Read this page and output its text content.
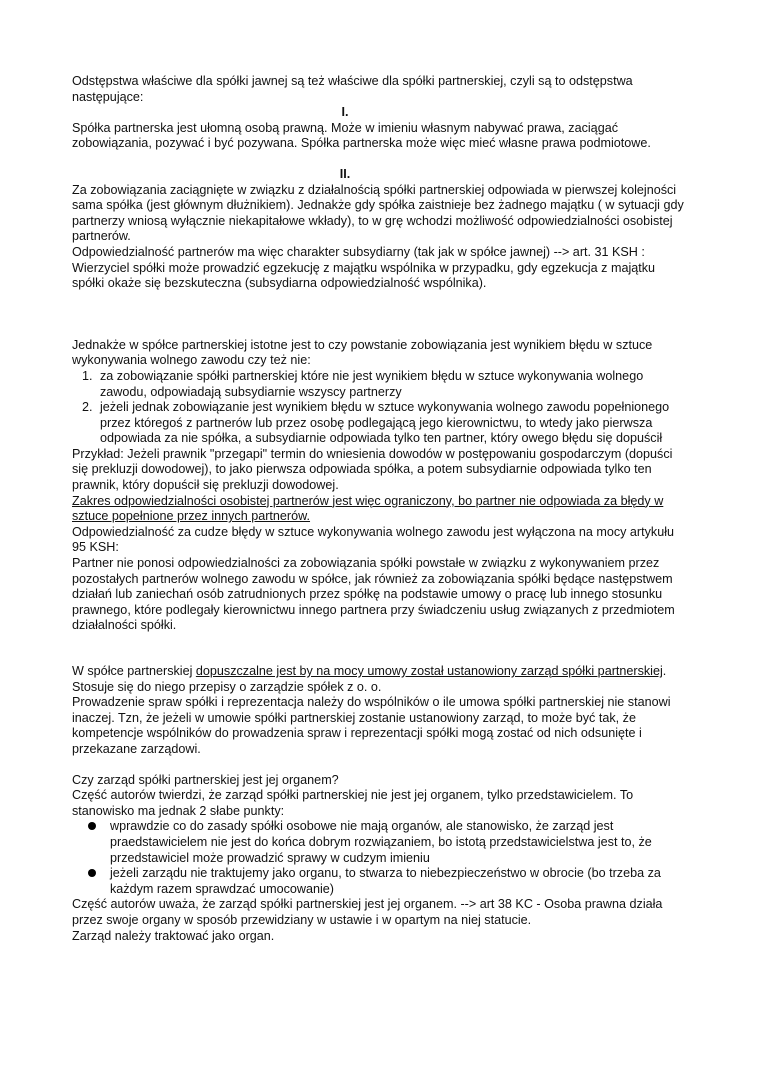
Odstępstwa właściwe dla spółki jawnej są też właściwe dla spółki partnerskiej, czyli są to odstępstwa następujące:

I.

Spółka partnerska jest ułomną osobą prawną. Może w imieniu własnym nabywać prawa, zaciągać zobowiązania, pozywać i być pozywana. Spółka partnerska może więc mieć własne prawa podmiotowe.

II.

Za zobowiązania zaciągnięte w związku z działalnością spółki partnerskiej odpowiada w pierwszej kolejności sama spółka (jest głównym dłużnikiem). Jednakże gdy spółka zaistnieje bez żadnego majątku ( w sytuacji gdy partnerzy wniosą wyłącznie niekapitałowe wkłady), to w grę wchodzi możliwość odpowiedzialności osobistej partnerów.

Odpowiedzialność partnerów ma więc charakter subsydiarny (tak jak w spółce jawnej) --> art. 31 KSH : Wierzyciel spółki może prowadzić egzekucję z majątku wspólnika w przypadku, gdy egzekucja z majątku spółki okaże się bezskuteczna (subsydiarna odpowiedzialność wspólnika).

Jednakże w spółce partnerskiej istotne jest to czy powstanie zobowiązania jest wynikiem błędu w sztuce wykonywania wolnego zawodu czy też nie:

1. za zobowiązanie spółki partnerskiej które nie jest wynikiem błędu w sztuce wykonywania wolnego zawodu, odpowiadają subsydiarnie wszyscy partnerzy
2. jeżeli jednak zobowiązanie jest wynikiem błędu w sztuce wykonywania wolnego zawodu popełnionego przez któregoś z partnerów lub przez osobę podlegającą jego kierownictwu, to wtedy jako pierwsza odpowiada za nie spółka, a subsydiarnie odpowiada tylko ten partner, który owego błędu się dopuścił

Przykład: Jeżeli prawnik "przegapi" termin do wniesienia dowodów w postępowaniu gospodarczym (dopuści się prekluzji dowodowej), to jako pierwsza odpowiada spółka, a potem subsydiarnie odpowiada tylko ten prawnik, który dopuścił się prekluzji dowodowej.

Zakres odpowiedzialności osobistej partnerów jest więc ograniczony, bo partner nie odpowiada za błędy w sztuce popełnione przez innych partnerów.

Odpowiedzialność za cudze błędy w sztuce wykonywania wolnego zawodu jest wyłączona na mocy artykułu 95 KSH:

Partner nie ponosi odpowiedzialności za zobowiązania spółki powstałe w związku z wykonywaniem przez pozostałych partnerów wolnego zawodu w spółce, jak również za zobowiązania spółki będące następstwem działań lub zaniechań osób zatrudnionych przez spółkę na podstawie umowy o pracę lub innego stosunku prawnego, które podlegały kierownictwu innego partnera przy świadczeniu usług związanych z przedmiotem działalności spółki.

W spółce partnerskiej dopuszczalne jest by na mocy umowy został ustanowiony zarząd spółki partnerskiej.

Stosuje się do niego przepisy o zarządzie spółek z o. o.

Prowadzenie spraw spółki i reprezentacja należy do wspólników o ile umowa spółki partnerskiej nie stanowi inaczej. Tzn, że jeżeli w umowie spółki partnerskiej zostanie ustanowiony zarząd, to może być tak, że kompetencje wspólników do prowadzenia spraw i reprezentacji spółki mogą zostać od nich odsunięte i przekazane zarządowi.

Czy zarząd spółki partnerskiej jest jej organem?

Część autorów twierdzi, że zarząd spółki partnerskiej nie jest jej organem, tylko przedstawicielem. To stanowisko ma jednak 2 słabe punkty:

wprawdzie co do zasady spółki osobowe nie mają organów, ale stanowisko, że zarząd jest praedstawicielem nie jest do końca dobrym rozwiązaniem, bo istotą przedstawicielstwa jest to, że przedstawiciel może prowadzić sprawy w cudzym imieniu
jeżeli zarządu nie traktujemy jako organu, to stwarza to niebezpieczeństwo w obrocie (bo trzeba za każdym razem sprawdzać umocowanie)

Część autorów uważa, że zarząd spółki partnerskiej jest jej organem. --> art 38 KC - Osoba prawna działa przez swoje organy w sposób przewidziany w ustawie i w opartym na niej statucie.

Zarząd należy traktować jako organ.
